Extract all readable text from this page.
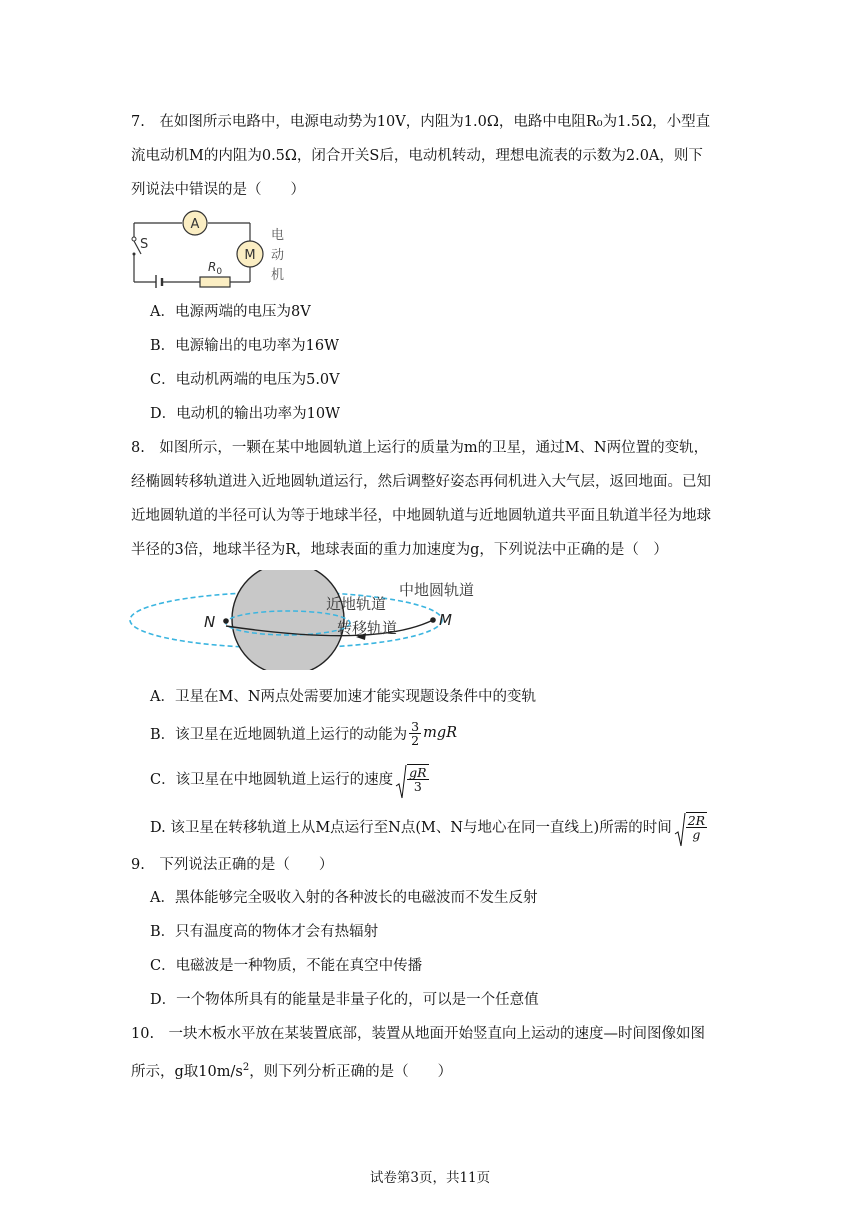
7.　在如图所示电路中，电源电动势为10V，内阻为1.0Ω，电路中电阻R₀为1.5Ω，小型直
流电动机M的内阻为0.5Ω，闭合开关S后，电动机转动，理想电流表的示数为2.0A，则下
列说法中错误的是（　　）
S
A
M
$R_0$
电
动
机
A．电源两端的电压为8V
B．电源输出的电功率为16W
C．电动机两端的电压为5.0V
D．电动机的输出功率为10W
8.　如图所示，一颗在某中地圆轨道上运行的质量为m的卫星，通过M、N两位置的变轨，
经椭圆转移轨道进入近地圆轨道运行，然后调整好姿态再伺机进入大气层，返回地面。已知
近地圆轨道的半径可认为等于地球半径，中地圆轨道与近地圆轨道共平面且轨道半径为地球
半径的3倍，地球半径为R，地球表面的重力加速度为g，下列说法中正确的是（　）
N	M
中地圆轨道
近地轨道
转移轨道
A．卫星在M、N两点处需要加速才能实现题设条件中的变轨
B．该卫星在近地圆轨道上运行的动能为 $\frac{3}{2}$ mgR
C．该卫星在中地圆轨道上运行的速度 $\frac{gR}{3}$
D. 该卫星在转移轨道上从M点运行至N点(M、N与地心在同一直线上)所需的时间 $\frac{2R}{g}$
9.　下列说法正确的是（　　）
A．黑体能够完全吸收入射的各种波长的电磁波而不发生反射
B．只有温度高的物体才会有热辐射
C．电磁波是一种物质，不能在真空中传播
D．一个物体所具有的能量是非量子化的，可以是一个任意值
10.　一块木板水平放在某装置底部，装置从地面开始竖直向上运动的速度—时间图像如图
所示，g取$10m/s^2$，则下列分析正确的是（　　）
试卷第3页，共11页
